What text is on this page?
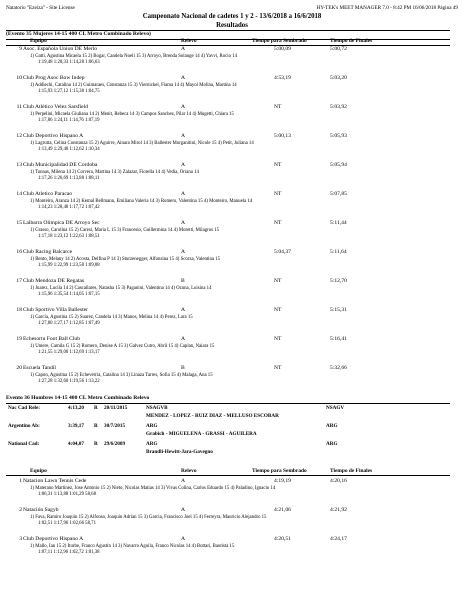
Natatorio "Ezeiza" - Site License	HY-TEK's MEET MANAGER 7.0 - 8:42 PM 16/06/2018 Página 49
Campeonato Nacional de cadetes 1 y 2 - 13/6/2018 a 16/6/2018
Resultados
(Evento 35 Mujeres 14-15 400 CL Metro Combinado Relevo)
Equipo	Relevo	Tiempo para Sembrado	Tiempo de Finales
9 Asoc. Española Union DE Merlo	A	5:00,09	5:00,72
1) Gatti, Agustina Micaela 15 2) Bogar, Candela Noeli 15 3) Arroyo, Brenda Solange 14 4) Yavvi, Rocio 14
1:19,48 1:20,33 1:14,28 1:06,63
10 Club Prog Asoc Bow Indep	A	4:53,19	5:03,20
1) Addiechi, Catalina 14 2) Guimaraes, Constanza 15 3) Viernickel, Fiama 14 4) Mayol Molina, Martina 14
1:15,93 1:27,12 1:15,38 1:04,75
11 Club Atlético Velez Sarsfield	A	NT	5:03,92
1) Perpelini, Micaela Giuliana 14 2) Menit, Rebeca 14 3) Campos Sanchez, Pilar 14 4) Mugetti, Chiara 15
1:17,86 1:24,11 1:14,76 1:07,19
12 Club Deportivo Hispano A	A	5:00,13	5:05,93
1) Lagrutta, Celina Constanza 15 2) Aguirre, Ainara Mirol 14 3) Ballester Morganitini, Nicole 15 4) Petit, Juliana 14
1:13,49 1:29,48 1:12,62 1:10,34
13 Club Municipalidad DE Cordoba	A	NT	5:05,94
1) Tonnas, Milena 14 2) Corvera, Martina 14 3) Zalazar, Fiorella 14 4) Vedia, Oriana 14
1:17,26 1:26,69 1:13,88 1:08,11
14 Club Atletico Paracao	A	NT	5:07,85
1) Monteiro, Aranza 14 2) Kemal Bellmann, Emiliana Valeria 14 3) Romero, Valentina 15 4) Monteiro, Manuela 14
1:14,23 1:28,48 1:17,72 1:07,42
15 Lalbarra Olimpica DE Arroyo Sec	A	NT	5:11,44
1) Grasso, Carolina 15 2) Caresi, Maria L 15 3) Francesio, Guillermina 14 4) Moretti, Milagros 15
1:17,18 1:23,12 1:22,63 1:08,51
16 Club Racing Balcarce	A	5:04,37	5:11,64
1) Bento, Melany 14 2) Acosta, Delfina P 14 3) Sturzenegger, Alfonsina 15 4) Scorza, Valentina 15
1:15,99 1:22,99 1:23,58 1:09,08
17 Club Mendoza DE Regatas	B	NT	5:12,70
1) Juarez, Lucila 14 2) Cascallares, Natasha 15 3) Paganini, Valentina 14 4) Ozuna, Luisina 14
1:15,96 1:35,54 1:14,05 1:07,15
18 Club Sportivo Villa Ballester	A	NT	5:15,31
1) Garcia, Agustina 15 2) Suarez, Candela 14 3) Manos, Melina 14 4) Perez, Lara 15
1:27,80 1:27,17 1:12,85 1:07,49
19 Echesortu Foot Ball Club	A	NT	5:16,41
1) Umere, Camila G 15 2) Romero, Denise A 15 3) Galvez Cutro, Abril 15 4) Caplan, Naiara 15
1:21,55 1:29,00 1:12,69 1:13,17
20 Escuela Tandil	B	NT	5:32,66
1) Capon, Agustina 15 2) Echeverria, Catalina 14 3) Linaza Tarres, Sofia 15 4) Malaga, Ana 15
1:27,28 1:32,60 1:19,56 1:13,22
Evento 36 Hombres 14-15 400 CL Metro Combinado Relevo
Nac Cad Rele:	4:13,20 R 20/11/2015	NSAGVB	NSAGV
MENDEZ - LOPEZ - RUIZ DIAZ - MELLUSO ESCOBAR
Argentino Ab:	3:39,17 R 30/7/2015	ARG	ARG
Grabich - MIGUELENA - GRASSI - AGUILERA
National Cad:	4:04,07 R 29/6/2009	ARG	ARG
Brandli-Hewitt-Jara-Gavegno
Equipo	Relevo	Tiempo para Sembrado	Tiempo de Finales
1 Natacion Lawn Tennis Cede	A	4:19,19	4:20,16
1) Materano Martinez, Jose Antonio 15 2) Nieto, Nicolas Matias 14 3) Vivas Colina, Carlos Eduardo 15 4) Paladino, Ignacio 14
1:06,31 1:13,88 1:01,29 58,68
2 Natación Sagyb	A	4:21,06	4:21,92
1) Fava, Ramiro Joaquin 15 2) Alfonso, Joaquin Adrian 15 3) Garcia, Francisco Joel 15 4) Ferreyra, Mauricio Alejandro 15
1:02,51 1:17,96 1:02,66 58,71
3 Club Deportivo Hispano A	A	4:20,51	4:24,17
1) Mallo, Ian 15 2) Iturbe, Franco Agustin 14 3) Navarro Aguila, Franco Nicolas 14 4) Bottari, Bautista 15
1:07,11 1:12,96 1:02,72 1:01,38
